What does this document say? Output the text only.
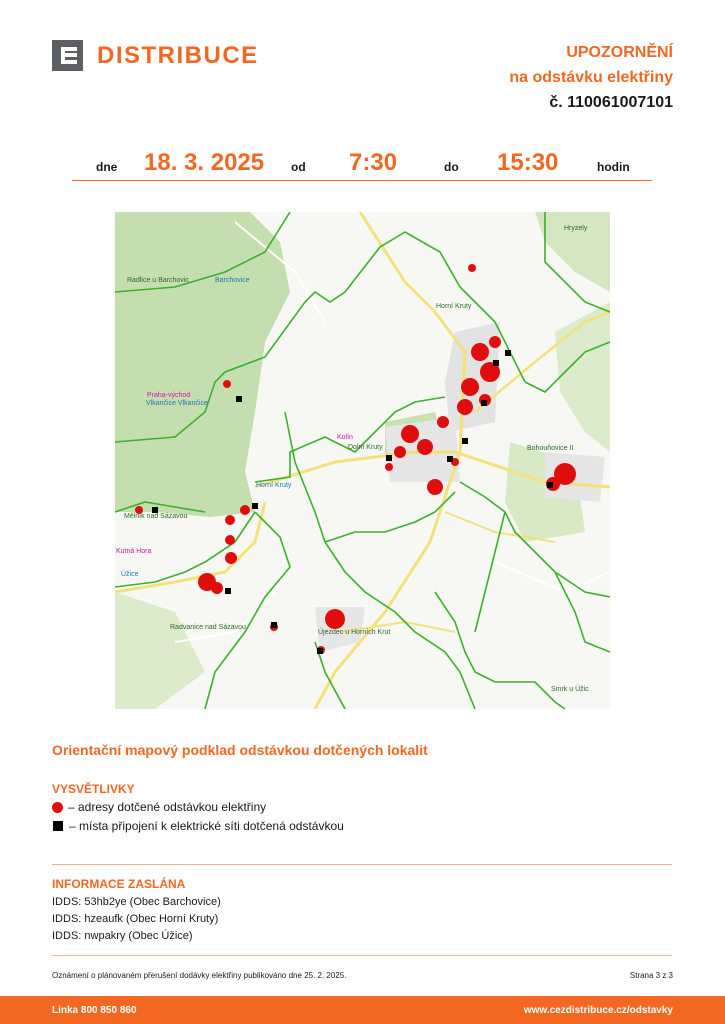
DISTRIBUCE	UPOZORNĚNÍ
na odstávku elektřiny
č. 110061007101
dne 18. 3. 2025 od 7:30	do 15:30	hodin
Hryzely
Radlice u Barchovic	Barchovice
Horní Kruty
Praha-východ
Vlkančice Vlkančice
Kolín
Dolní Kruty	Bohouňovice II
Horní Kruty
Mělník nad Sázavou
Kutná Hora
Úžice
Radvanice nad Sázavou
Újezdec u Horních Krut
Smrk u Úžic
Orientační mapový podklad odstávkou dotčených lokalit
VYSVĚTLIVKY
– adresy dotčené odstávkou elektřiny
– místa připojení k elektrické síti dotčená odstávkou
INFORMACE ZASLÁNA
IDDS: 53hb2ye (Obec Barchovice)
IDDS: hzeaufk (Obec Horní Kruty)
IDDS: nwpakry (Obec Úžice)
Oznámení o plánovaném přerušení dodávky elektřiny publikováno dne 25. 2. 2025.	Strana 3 z 3
Linka 800 850 860	www.cezdistribuce.cz/odstavky
